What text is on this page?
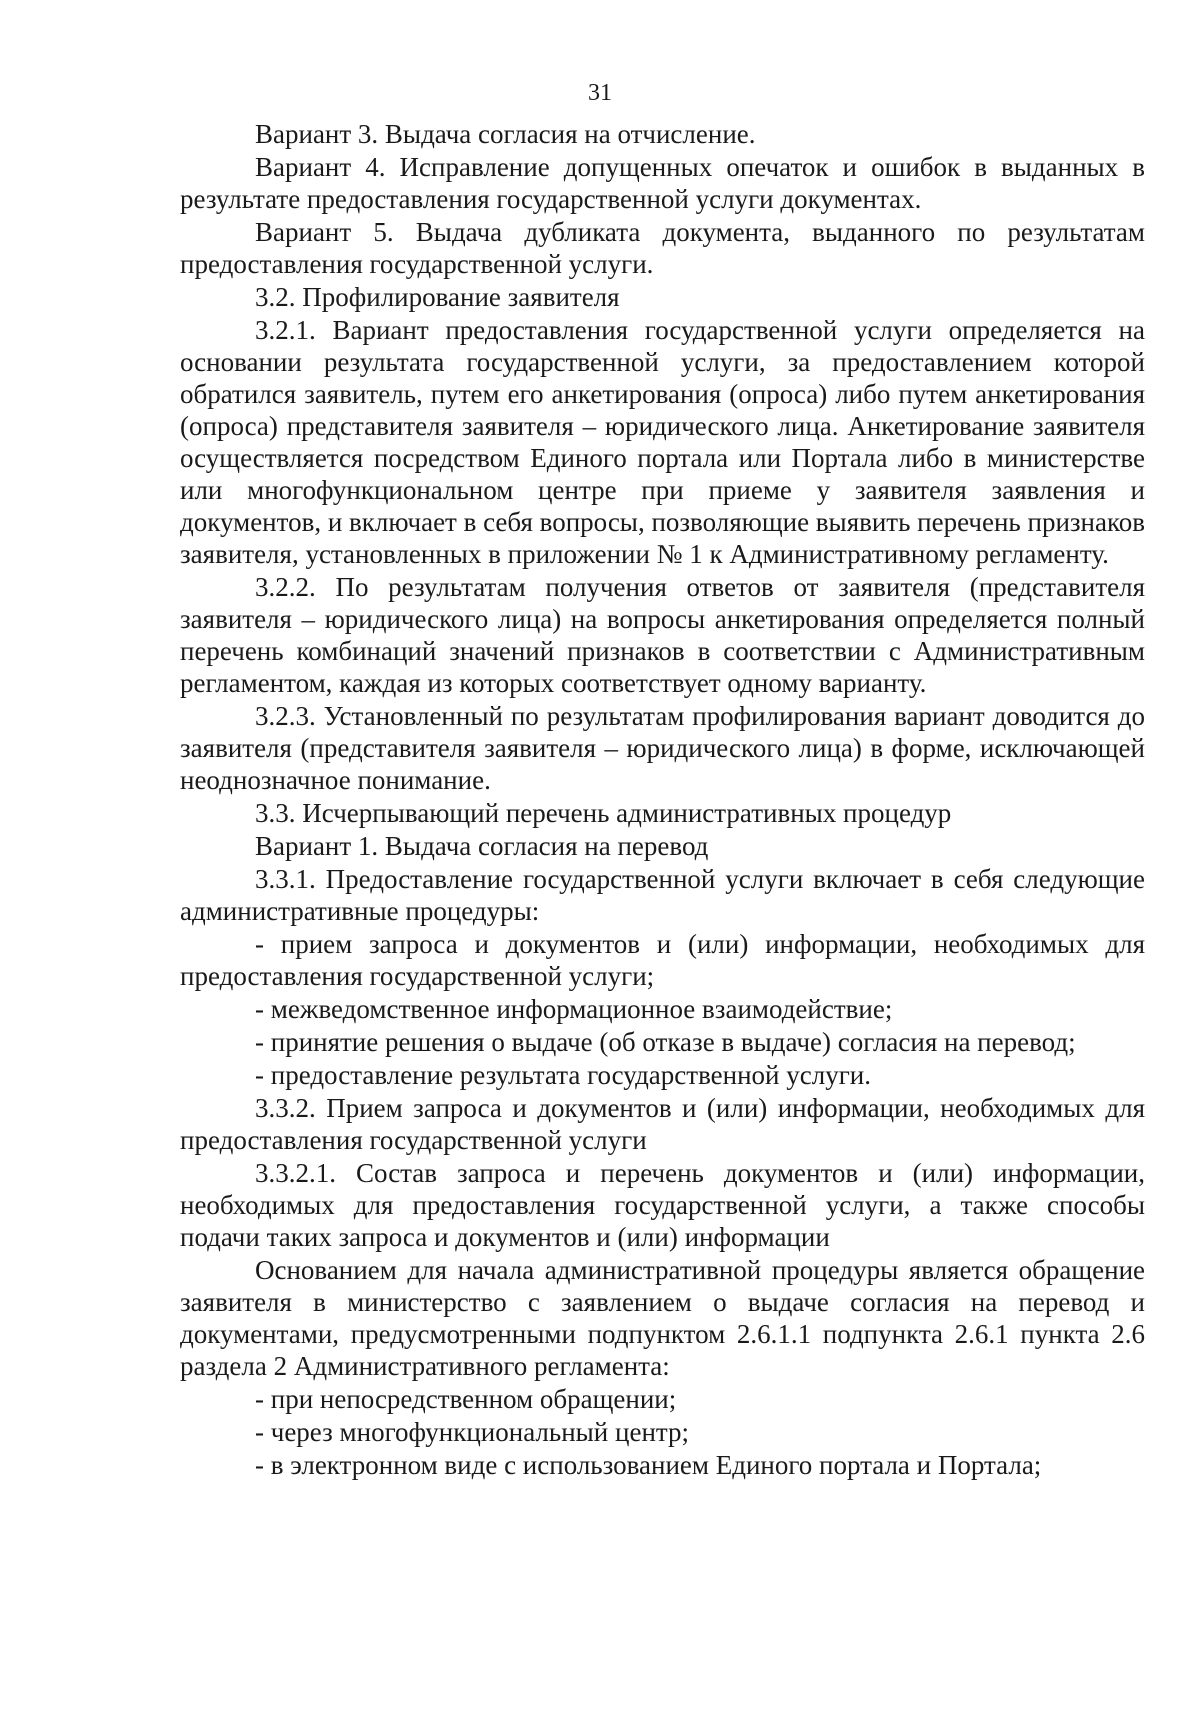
31

Вариант 3. Выдача согласия на отчисление.

Вариант 4. Исправление допущенных опечаток и ошибок в выданных в результате предоставления государственной услуги документах.

Вариант 5. Выдача дубликата документа, выданного по результатам предоставления государственной услуги.

3.2. Профилирование заявителя

3.2.1. Вариант предоставления государственной услуги определяется на основании результата государственной услуги, за предоставлением которой обратился заявитель, путем его анкетирования (опроса) либо путем анкетирования (опроса) представителя заявителя – юридического лица. Анкетирование заявителя осуществляется посредством Единого портала или Портала либо в министерстве или многофункциональном центре при приеме у заявителя заявления и документов, и включает в себя вопросы, позволяющие выявить перечень признаков заявителя, установленных в приложении № 1 к Административному регламенту.

3.2.2. По результатам получения ответов от заявителя (представителя заявителя – юридического лица) на вопросы анкетирования определяется полный перечень комбинаций значений признаков в соответствии с Административным регламентом, каждая из которых соответствует одному варианту.

3.2.3. Установленный по результатам профилирования вариант доводится до заявителя (представителя заявителя – юридического лица) в форме, исключающей неоднозначное понимание.

3.3. Исчерпывающий перечень административных процедур

Вариант 1. Выдача согласия на перевод

3.3.1. Предоставление государственной услуги включает в себя следующие административные процедуры:

- прием запроса и документов и (или) информации, необходимых для предоставления государственной услуги;

- межведомственное информационное взаимодействие;

- принятие решения о выдаче (об отказе в выдаче) согласия на перевод;

- предоставление результата государственной услуги.

3.3.2. Прием запроса и документов и (или) информации, необходимых для предоставления государственной услуги

3.3.2.1. Состав запроса и перечень документов и (или) информации, необходимых для предоставления государственной услуги, а также способы подачи таких запроса и документов и (или) информации

Основанием для начала административной процедуры является обращение заявителя в министерство с заявлением о выдаче согласия на перевод и документами, предусмотренными подпунктом 2.6.1.1 подпункта 2.6.1 пункта 2.6 раздела 2 Административного регламента:

- при непосредственном обращении;

- через многофункциональный центр;

- в электронном виде с использованием Единого портала и Портала;
